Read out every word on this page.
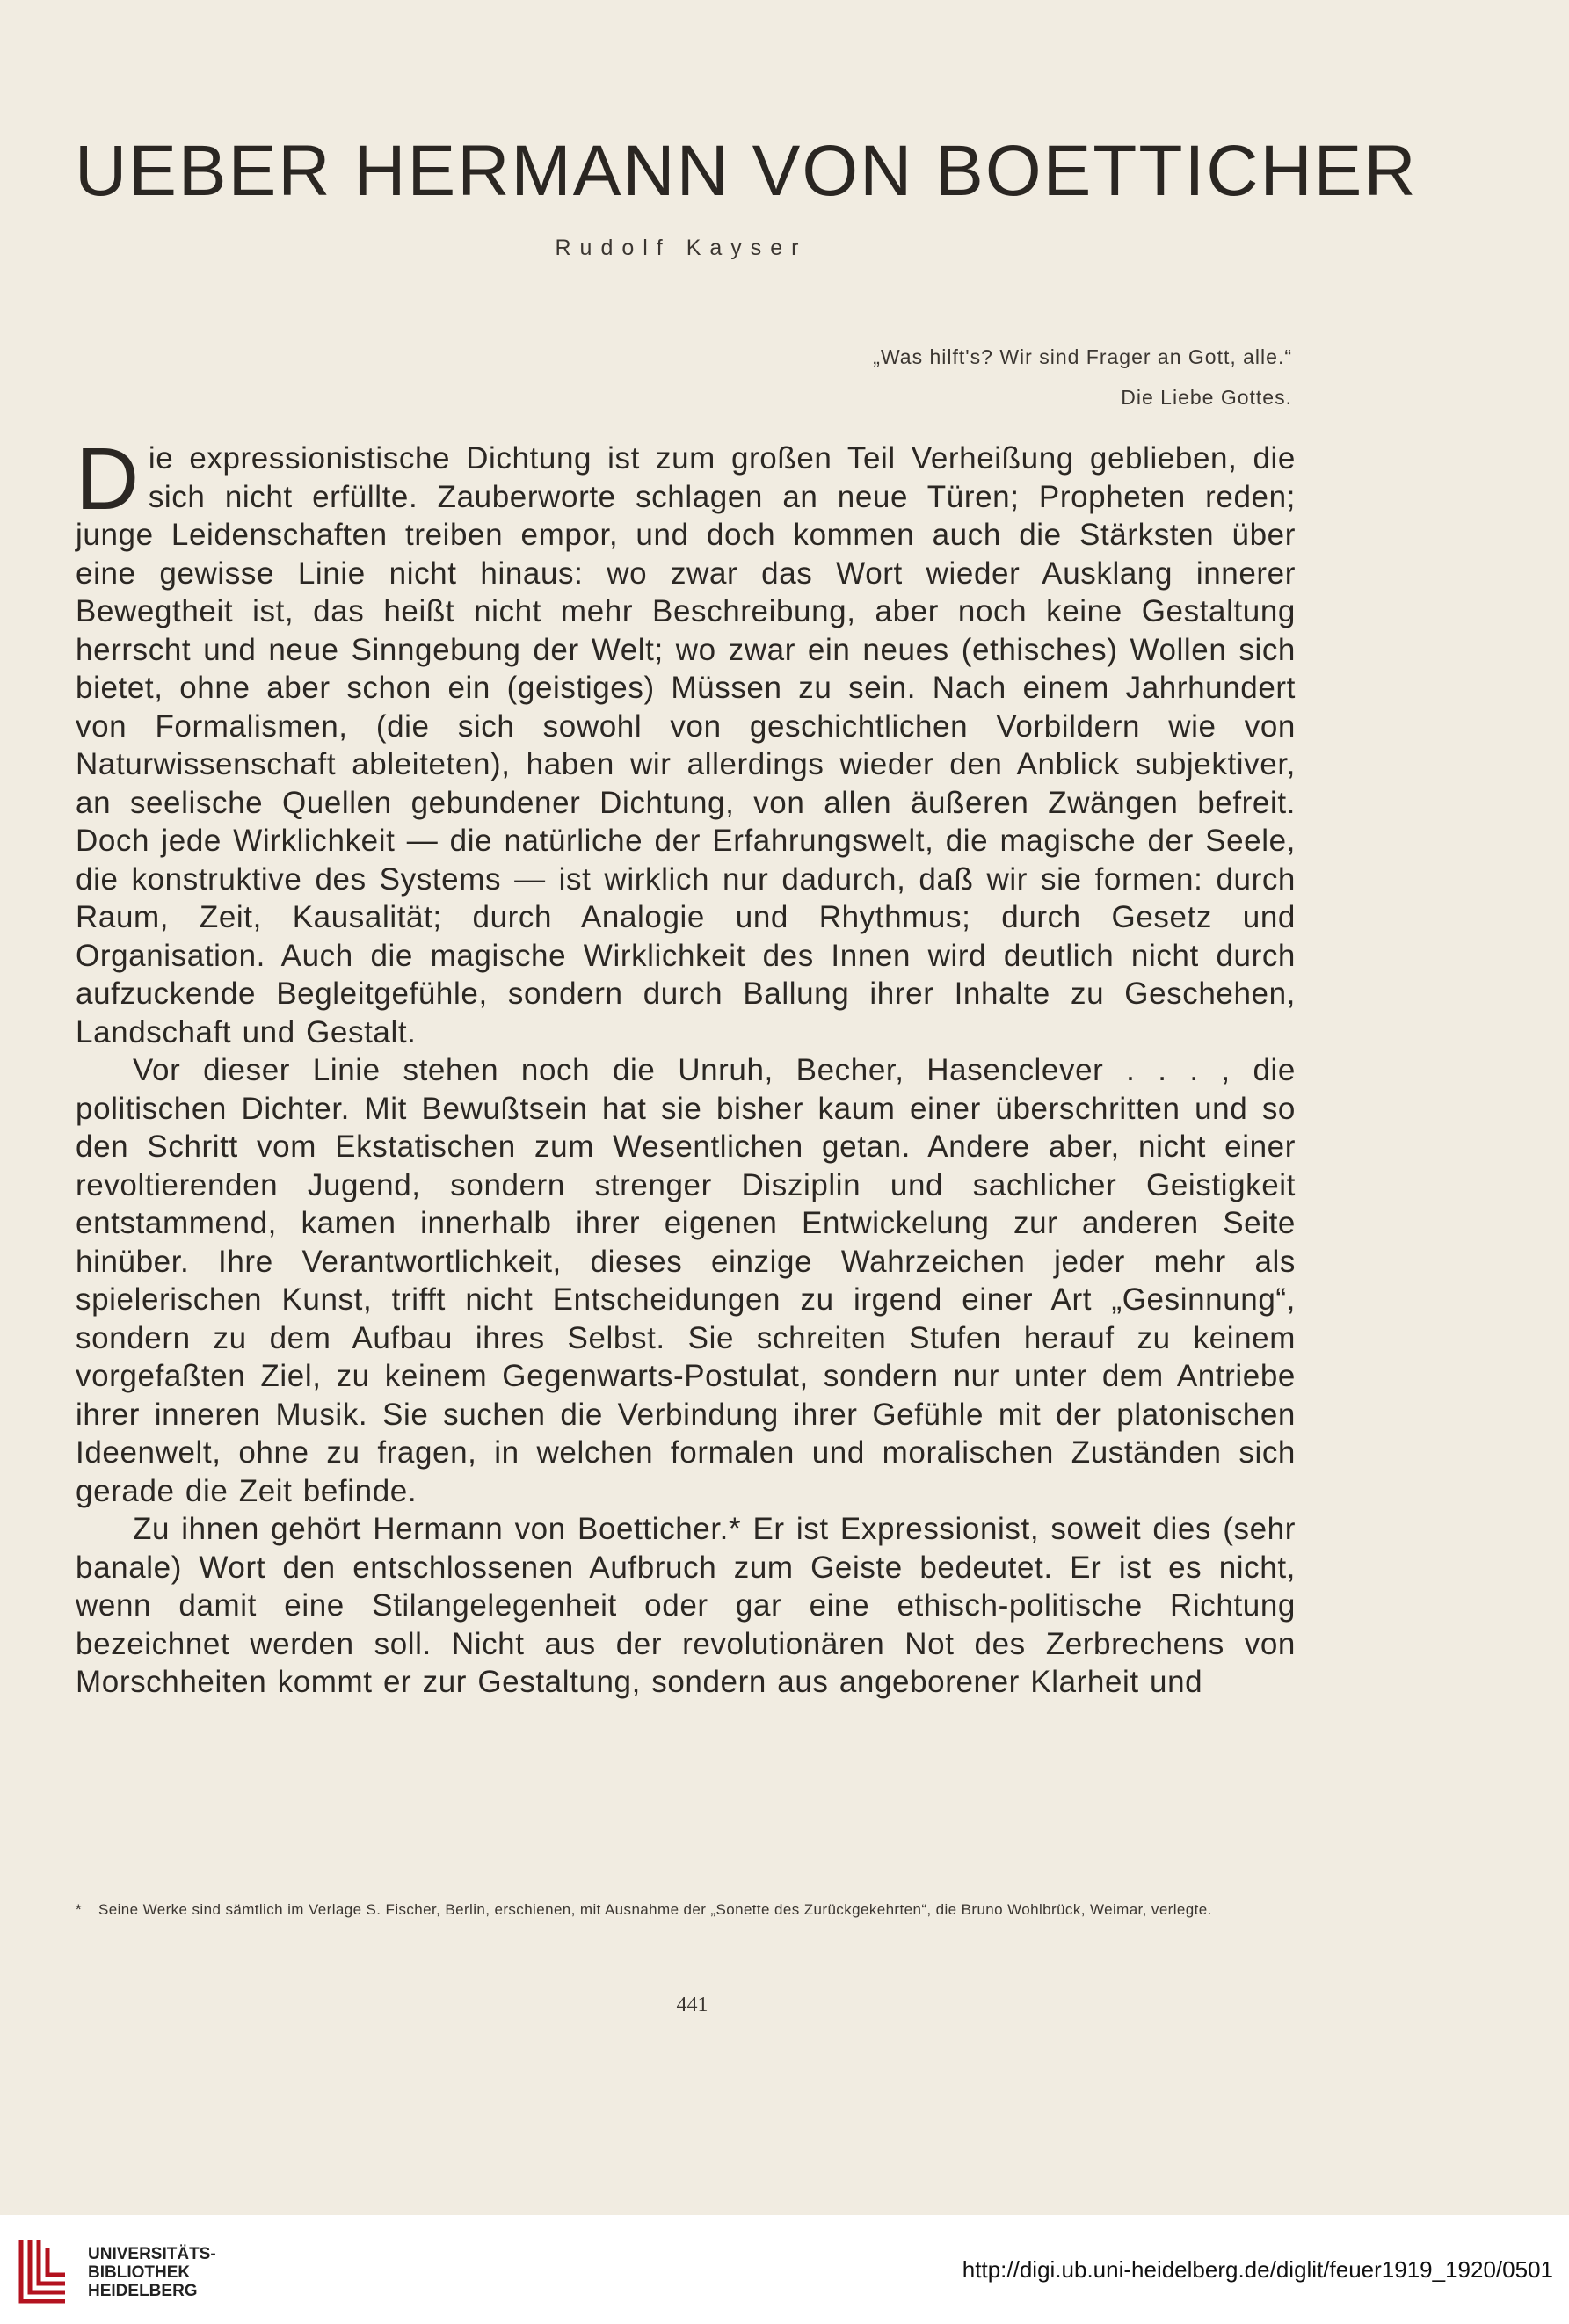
UEBER HERMANN VON BOETTICHER
Rudolf Kayser
„Was hilft's? Wir sind Frager an Gott, alle.“
Die Liebe Gottes.

Die expressionistische Dichtung ist zum großen Teil Verheißung geblieben, die sich nicht erfüllte. Zauberworte schlagen an neue Türen; Propheten reden; junge Leidenschaften treiben empor, und doch kommen auch die Stärksten über eine gewisse Linie nicht hinaus: wo zwar das Wort wieder Ausklang innerer Bewegtheit ist, das heißt nicht mehr Beschreibung, aber noch keine Gestaltung herrscht und neue Sinngebung der Welt; wo zwar ein neues (ethisches) Wollen sich bietet, ohne aber schon ein (geistiges) Müssen zu sein. Nach einem Jahrhundert von Formalismen, (die sich sowohl von geschichtlichen Vorbildern wie von Naturwissenschaft ableiteten), haben wir allerdings wieder den Anblick subjektiver, an seelische Quellen gebundener Dichtung, von allen äußeren Zwängen befreit. Doch jede Wirklichkeit — die natürliche der Erfahrungswelt, die magische der Seele, die konstruktive des Systems — ist wirklich nur dadurch, daß wir sie formen: durch Raum, Zeit, Kausalität; durch Analogie und Rhythmus; durch Gesetz und Organisation. Auch die magische Wirklichkeit des Innen wird deutlich nicht durch aufzuckende Begleitgefühle, sondern durch Ballung ihrer Inhalte zu Geschehen, Landschaft und Gestalt.

Vor dieser Linie stehen noch die Unruh, Becher, Hasenclever . . . , die politischen Dichter. Mit Bewußtsein hat sie bisher kaum einer überschritten und so den Schritt vom Ekstatischen zum Wesentlichen getan. Andere aber, nicht einer revoltierenden Jugend, sondern strenger Disziplin und sachlicher Geistigkeit entstammend, kamen innerhalb ihrer eigenen Entwickelung zur anderen Seite hinüber. Ihre Verantwortlichkeit, dieses einzige Wahrzeichen jeder mehr als spielerischen Kunst, trifft nicht Entscheidungen zu irgend einer Art „Gesinnung“, sondern zu dem Aufbau ihres Selbst. Sie schreiten Stufen herauf zu keinem vorgefaßten Ziel, zu keinem Gegenwarts-Postulat, sondern nur unter dem Antriebe ihrer inneren Musik. Sie suchen die Verbindung ihrer Gefühle mit der platonischen Ideenwelt, ohne zu fragen, in welchen formalen und moralischen Zuständen sich gerade die Zeit befinde.

Zu ihnen gehört Hermann von Boetticher.* Er ist Expressionist, soweit dies (sehr banale) Wort den entschlossenen Aufbruch zum Geiste bedeutet. Er ist es nicht, wenn damit eine Stilangelegenheit oder gar eine ethisch-politische Richtung bezeichnet werden soll. Nicht aus der revolutionären Not des Zerbrechens von Morschheiten kommt er zur Gestaltung, sondern aus angeborener Klarheit und

* Seine Werke sind sämtlich im Verlage S. Fischer, Berlin, erschienen, mit Ausnahme der „Sonette des Zurückgekehrten“, die Bruno Wohlbrück, Weimar, verlegte.
441
UNIVERSITÄTS-
BIBLIOTHEK
HEIDELBERG
http://digi.ub.uni-heidelberg.de/diglit/feuer1919_1920/0501
